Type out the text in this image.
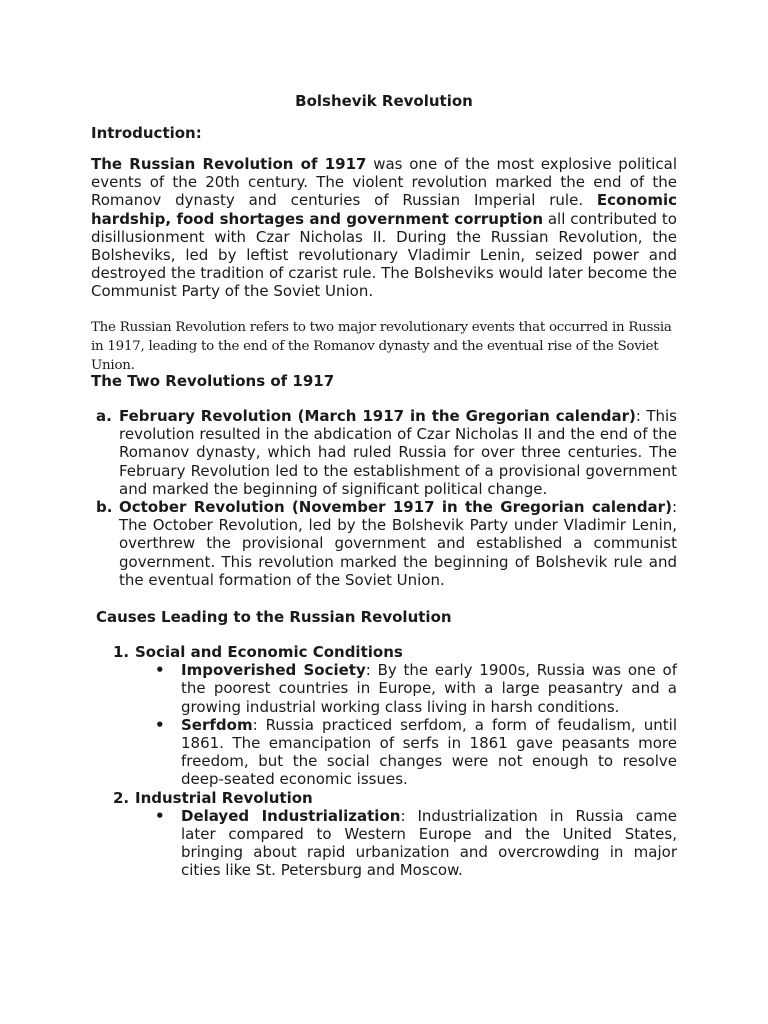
Bolshevik Revolution
Introduction:

The Russian Revolution of 1917 was one of the most explosive political events of the 20th century. The violent revolution marked the end of the Romanov dynasty and centuries of Russian Imperial rule. Economic hardship, food shortages and government corruption all contributed to disillusionment with Czar Nicholas II. During the Russian Revolution, the Bolsheviks, led by leftist revolutionary Vladimir Lenin, seized power and destroyed the tradition of czarist rule. The Bolsheviks would later become the Communist Party of the Soviet Union.

The Russian Revolution refers to two major revolutionary events that occurred in Russia in 1917, leading to the end of the Romanov dynasty and the eventual rise of the Soviet Union.

The Two Revolutions of 1917
a. February Revolution (March 1917 in the Gregorian calendar): This revolution resulted in the abdication of Czar Nicholas II and the end of the Romanov dynasty, which had ruled Russia for over three centuries. The February Revolution led to the establishment of a provisional government and marked the beginning of significant political change.
b. October Revolution (November 1917 in the Gregorian calendar): The October Revolution, led by the Bolshevik Party under Vladimir Lenin, overthrew the provisional government and established a communist government. This revolution marked the beginning of Bolshevik rule and the eventual formation of the Soviet Union.
Causes Leading to the Russian Revolution
1. Social and Economic Conditions
• Impoverished Society: By the early 1900s, Russia was one of the poorest countries in Europe, with a large peasantry and a growing industrial working class living in harsh conditions.
• Serfdom: Russia practiced serfdom, a form of feudalism, until 1861. The emancipation of serfs in 1861 gave peasants more freedom, but the social changes were not enough to resolve deep-seated economic issues.
2. Industrial Revolution
• Delayed Industrialization: Industrialization in Russia came later compared to Western Europe and the United States, bringing about rapid urbanization and overcrowding in major cities like St. Petersburg and Moscow.
